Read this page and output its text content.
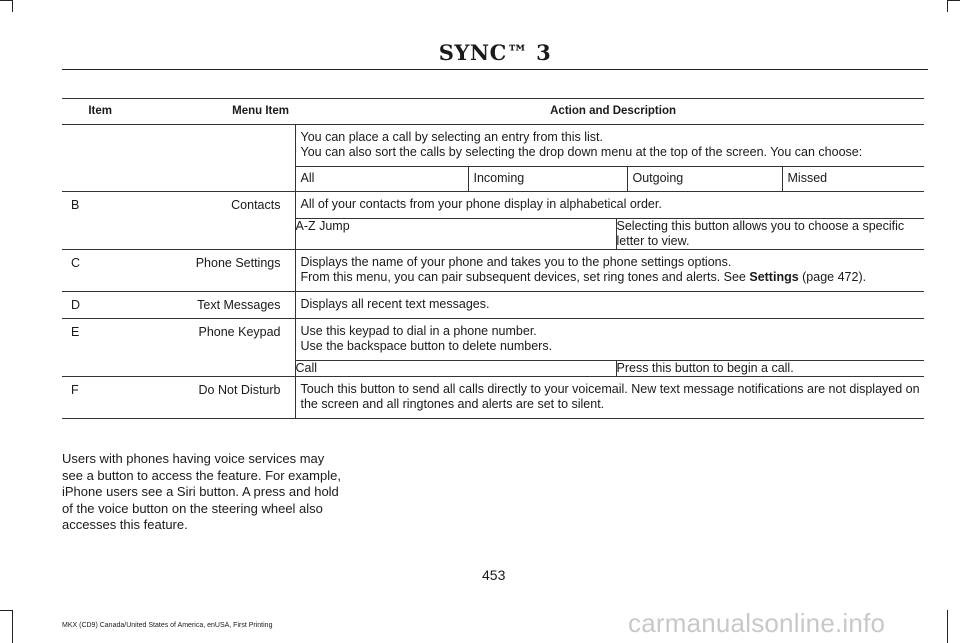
SYNC™ 3
Item	Menu Item	Action and Description

You can place a call by selecting an entry from this list.
You can also sort the calls by selecting the drop down menu at the top of the screen. You can choose:
All	Incoming	Outgoing	Missed

B	Contacts	All of your contacts from your phone display in alphabetical order.
A-Z Jump	Selecting this button allows you to choose a specific letter to view.

C	Phone Settings	Displays the name of your phone and takes you to the phone settings options.
From this menu, you can pair subsequent devices, set ring tones and alerts. See Settings (page 472).

D	Text Messages	Displays all recent text messages.

E	Phone Keypad	Use this keypad to dial in a phone number.
Use the backspace button to delete numbers.
Call	Press this button to begin a call.

F	Do Not Disturb	Touch this button to send all calls directly to your voicemail. New text message notifications are not displayed on the screen and all ringtones and alerts are set to silent.
Users with phones having voice services may see a button to access the feature. For example, iPhone users see a Siri button. A press and hold of the voice button on the steering wheel also accesses this feature.
453
MKX (CD9) Canada/United States of America, enUSA, First Printing	carmanualsonline.info
